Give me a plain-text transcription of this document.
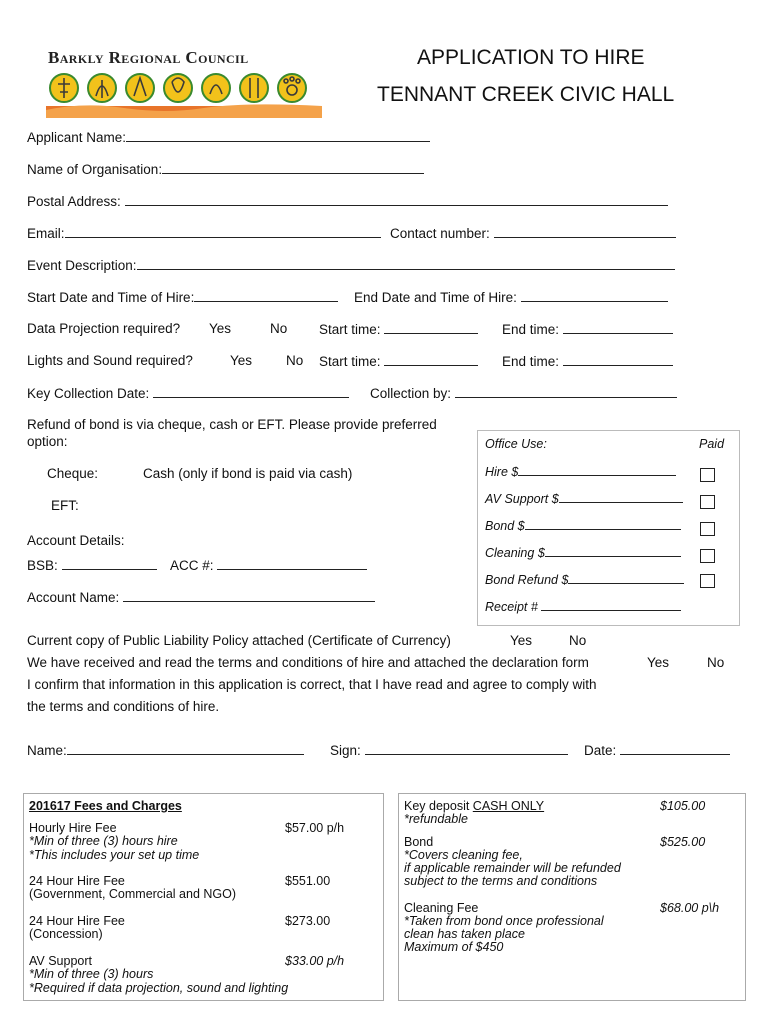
Barkly Regional Council	APPLICATION TO HIRE
TENNANT CREEK CIVIC HALL
Applicant Name:
Name of Organisation:
Postal Address:
Email:	Contact number:
Event Description:
Start Date and Time of Hire:	End Date and Time of Hire:
Data Projection required? Yes	No Start time:	End time:
Lights and Sound required?	Yes	No Start time:	End time:
Key Collection Date:	Collection by:
Refund of bond is via cheque, cash or EFT. Please provide preferred
option:
Cheque:	Cash (only if bond is paid via cash)
EFT:
Account Details:
BSB:	ACC #:
Account Name:
Office Use:	Paid
Hire $
AV Support $
Bond $
Cleaning $
Bond Refund $
Receipt #
Current copy of Public Liability Policy attached (Certificate of Currency)	Yes	No
We have received and read the terms and conditions of hire and attached the declaration form	Yes	No
I confirm that information in this application is correct, that I have read and agree to comply with
the terms and conditions of hire.
Name:	Sign:	Date:
201617 Fees and Charges
Hourly Hire Fee	$57.00 p/h
*Min of three (3) hours hire
*This includes your set up time
24 Hour Hire Fee	$551.00
(Government, Commercial and NGO)
24 Hour Hire Fee	$273.00
(Concession)
AV Support	$33.00 p/h
*Min of three (3) hours
*Required if data projection, sound and lighting
Key deposit CASH ONLY	$105.00
*refundable
Bond	$525.00
*Covers cleaning fee,
if applicable remainder will be refunded
subject to the terms and conditions
Cleaning Fee	$68.00 p\h
*Taken from bond once professional
clean has taken place
Maximum of $450
